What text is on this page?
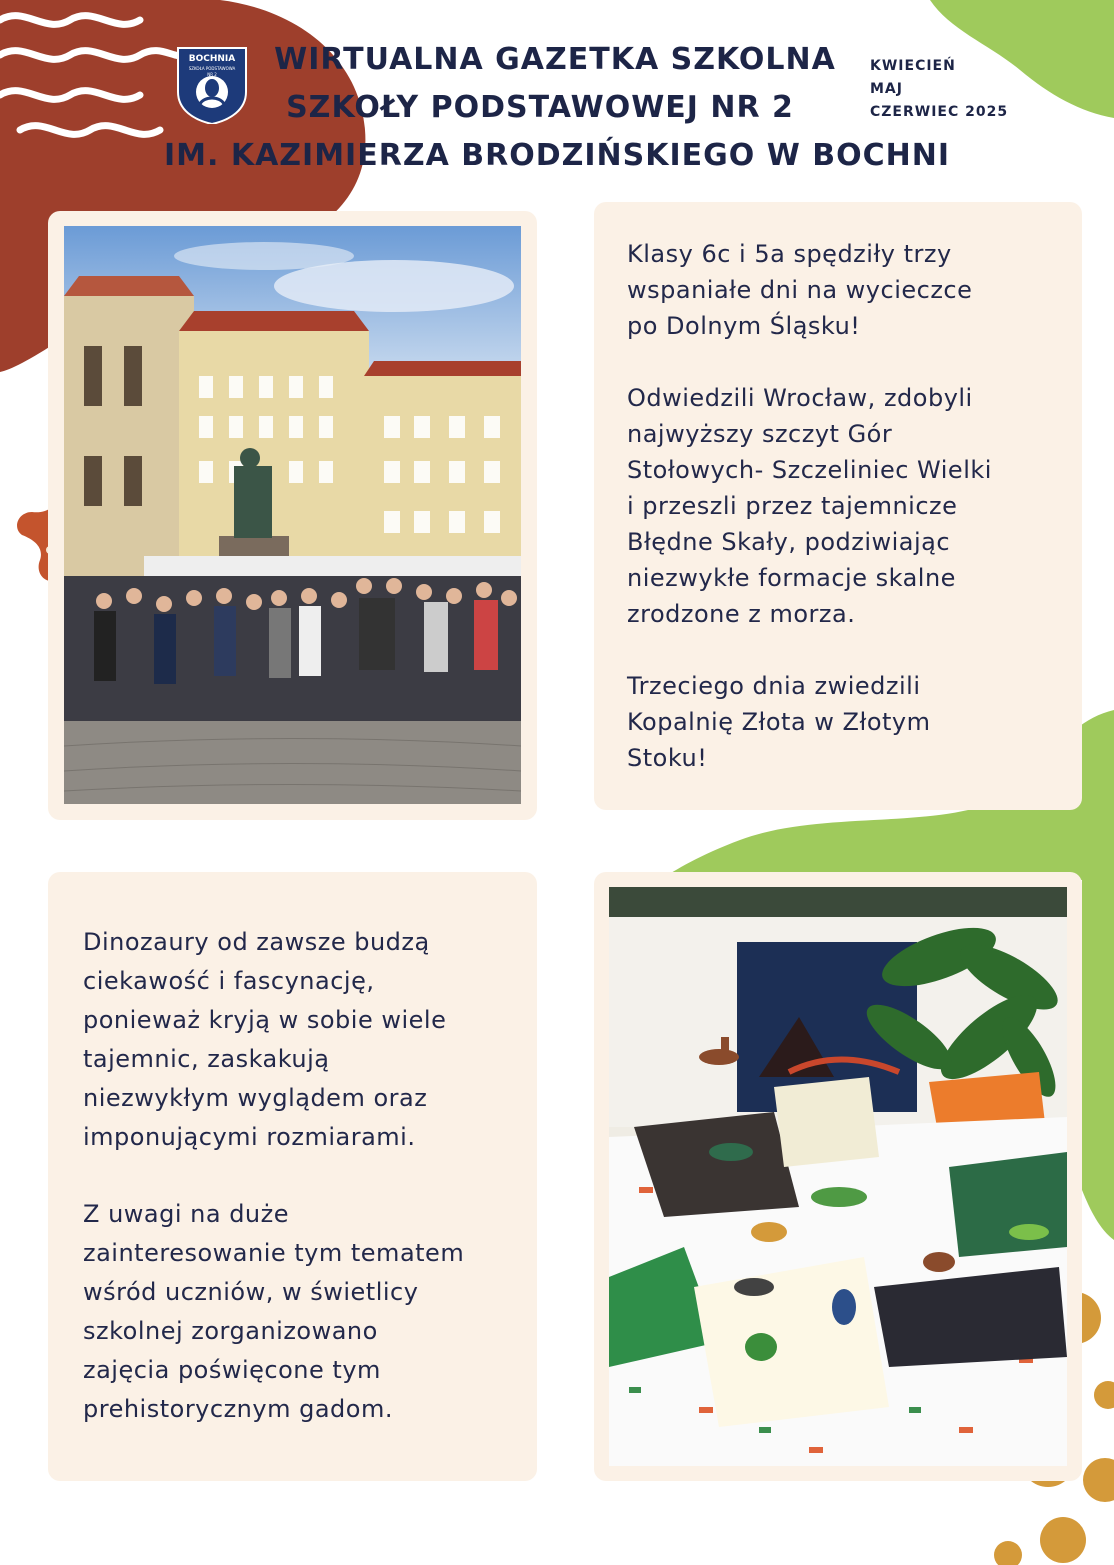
BOCHNIA
SZKOŁA PODSTAWOWA
NR 2	WIRTUALNA GAZETKA SZKOLNA
SZKOŁY PODSTAWOWEJ NR 2
IM. KAZIMIERZA BRODZIŃSKIEGO W BOCHNI
KWIECIEŃ
MAJ
CZERWIEC 2025

Klasy 6c i 5a spędziły trzy
wspaniałe dni na wycieczce
po Dolnym Śląsku!

Odwiedzili Wrocław, zdobyli
najwyższy szczyt Gór
Stołowych- Szczeliniec Wielki
i przeszli przez tajemnicze
Błędne Skały, podziwiając
niezwykłe formacje skalne
zrodzone z morza.

Trzeciego dnia zwiedzili
Kopalnię Złota w Złotym
Stoku!

Dinozaury od zawsze budzą
ciekawość i fascynację,
ponieważ kryją w sobie wiele
tajemnic, zaskakują
niezwykłym wyglądem oraz
imponującymi rozmiarami.

Z uwagi na duże
zainteresowanie tym tematem
wśród uczniów, w świetlicy
szkolnej zorganizowano
zajęcia poświęcone tym
prehistorycznym gadom.
